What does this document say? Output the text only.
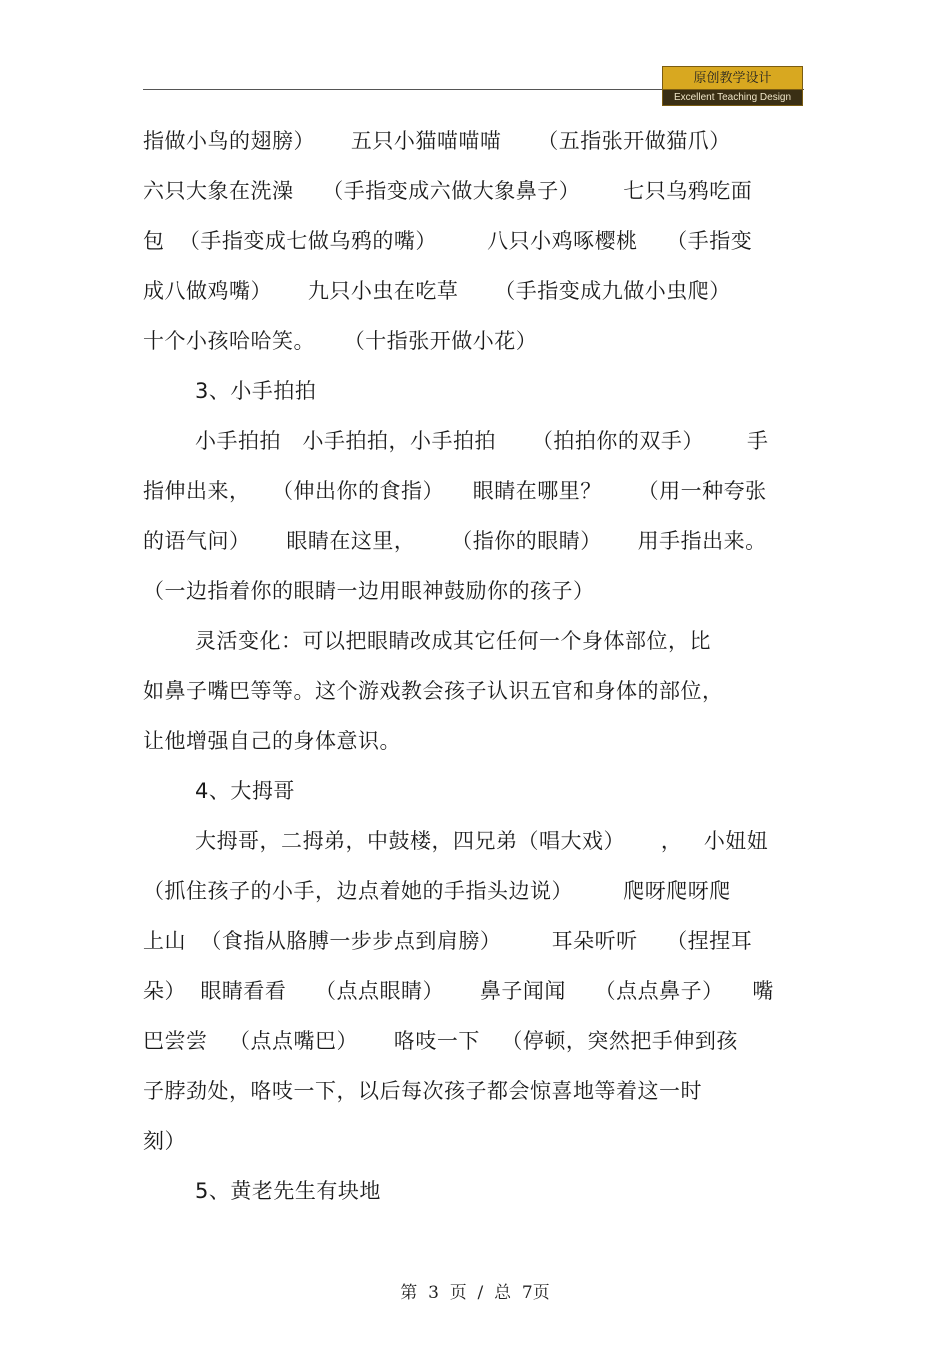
原创教学设计
Excellent Teaching Design
指做小鸟的翅膀）     五只小猫喵喵喵     （五指张开做猫爪）
六只大象在洗澡    （手指变成六做大象鼻子）      七只乌鸦吃面
包  （手指变成七做乌鸦的嘴）       八只小鸡啄樱桃    （手指变
成八做鸡嘴）     九只小虫在吃草     （手指变成九做小虫爬）
十个小孩哈哈笑。    （十指张开做小花）
3、小手拍拍
小手拍拍   小手拍拍，小手拍拍     （拍拍你的双手）      手
指伸出来，   （伸出你的食指）    眼睛在哪里？     （用一种夸张
的语气问）     眼睛在这里，     （指你的眼睛）     用手指出来。
（一边指着你的眼睛一边用眼神鼓励你的孩子）
灵活变化：可以把眼睛改成其它任何一个身体部位，比
如鼻子嘴巴等等。这个游戏教会孩子认识五官和身体的部位，
让他增强自己的身体意识。
4、大拇哥
大拇哥，二拇弟，中鼓楼，四兄弟（唱大戏）     ，   小妞妞
（抓住孩子的小手，边点着她的手指头边说）       爬呀爬呀爬
上山  （食指从胳膊一步步点到肩膀）       耳朵听听    （捏捏耳
朵）  眼睛看看    （点点眼睛）     鼻子闻闻    （点点鼻子）    嘴
巴尝尝   （点点嘴巴）     咯吱一下   （停顿，突然把手伸到孩
子脖劲处，咯吱一下，以后每次孩子都会惊喜地等着这一时
刻）
5、黄老先生有块地
第  3  页  /  总  7页
